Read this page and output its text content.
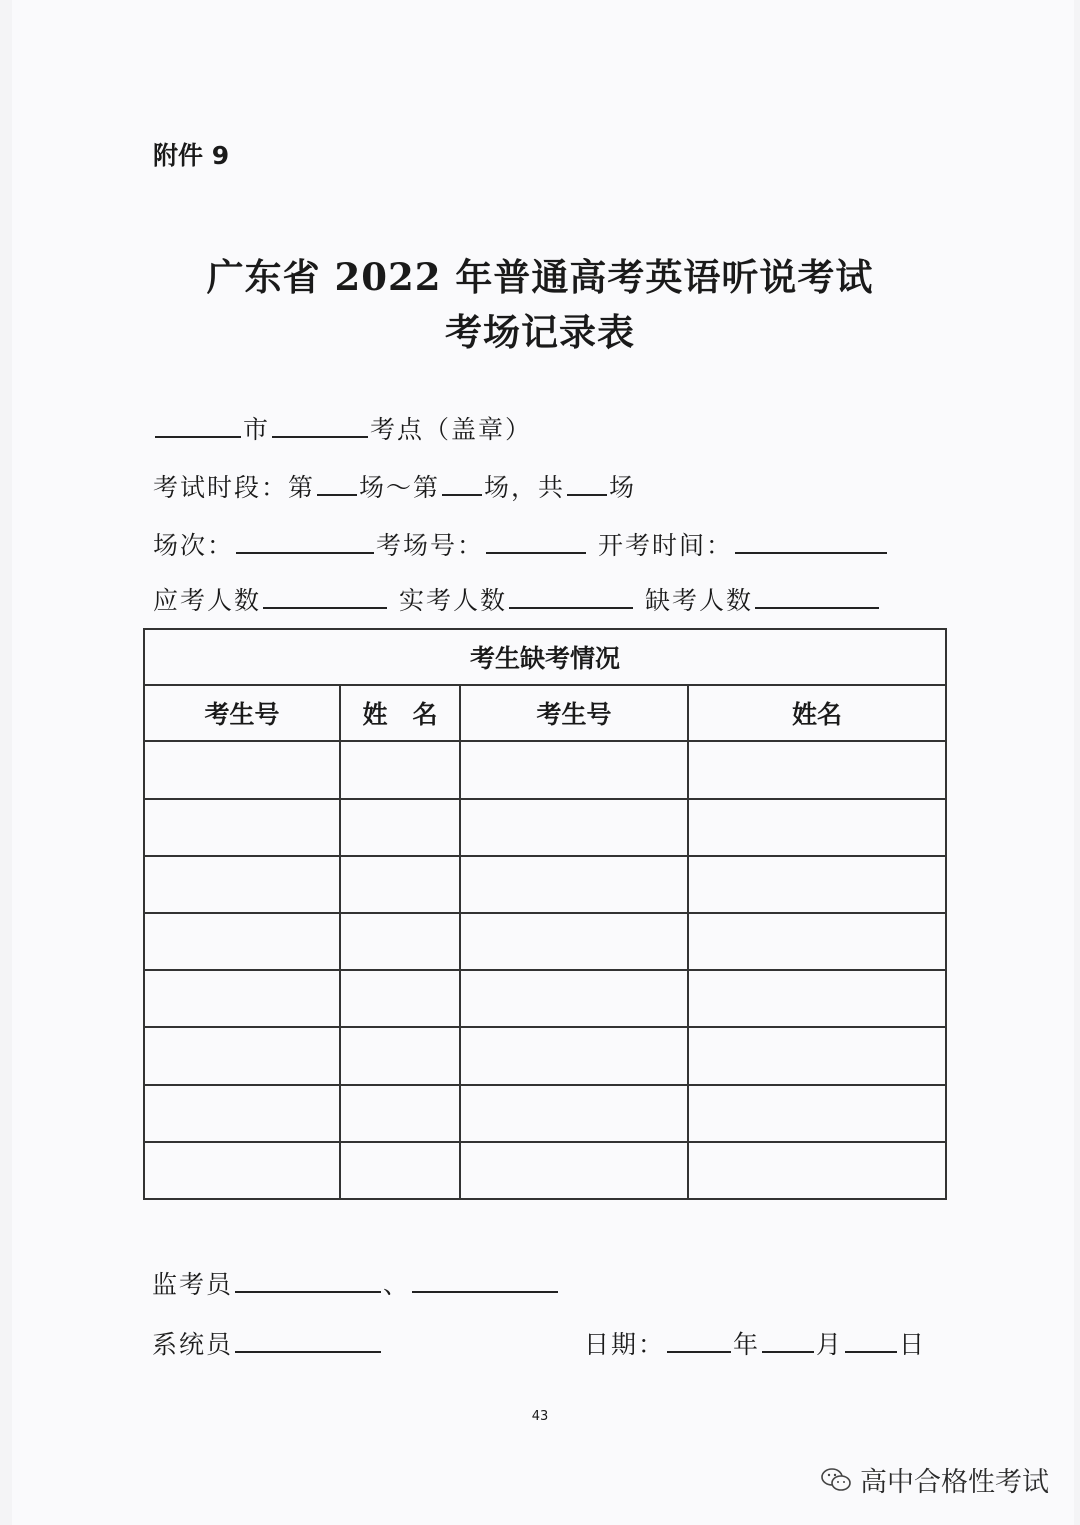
附件 9
广东省 2022 年普通高考英语听说考试
考场记录表
市	考点（盖章）
考试时段：第 场～第 场，共 场
场次：	考场号：	开考时间：
应考人数	实考人数	缺考人数
考生缺考情况			
考生号	姓　名	考生号	姓名

监考员	、
系统员	日期：	年 月 日
43
高中合格性考试
